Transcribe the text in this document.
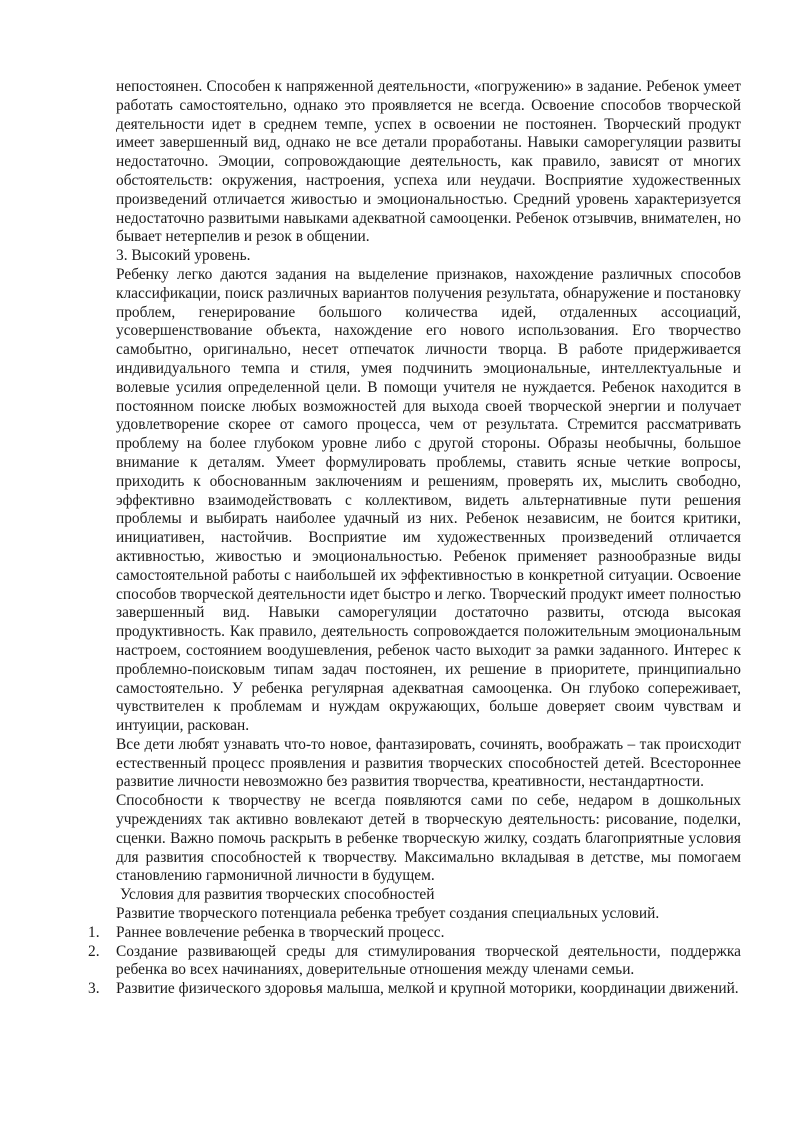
непостоянен. Способен к напряженной деятельности, «погружению» в задание. Ребенок умеет работать самостоятельно, однако это проявляется не всегда. Освоение способов творческой деятельности идет в среднем темпе, успех в освоении не постоянен. Творческий продукт имеет завершенный вид, однако не все детали проработаны. Навыки саморегуляции развиты недостаточно. Эмоции, сопровождающие деятельность, как правило, зависят от многих обстоятельств: окружения, настроения, успеха или неудачи. Восприятие художественных произведений отличается живостью и эмоциональностью. Средний уровень характеризуется недостаточно развитыми навыками адекватной самооценки. Ребенок отзывчив, внимателен, но бывает нетерпелив и резок в общении.

3. Высокий уровень.

Ребенку легко даются задания на выделение признаков, нахождение различных способов классификации, поиск различных вариантов получения результата, обнаружение и постановку проблем, генерирование большого количества идей, отдаленных ассоциаций, усовершенствование объекта, нахождение его нового использования. Его творчество самобытно, оригинально, несет отпечаток личности творца. В работе придерживается индивидуального темпа и стиля, умея подчинить эмоциональные, интеллектуальные и волевые усилия определенной цели. В помощи учителя не нуждается. Ребенок находится в постоянном поиске любых возможностей для выхода своей творческой энергии и получает удовлетворение скорее от самого процесса, чем от результата. Стремится рассматривать проблему на более глубоком уровне либо с другой стороны. Образы необычны, большое внимание к деталям. Умеет формулировать проблемы, ставить ясные четкие вопросы, приходить к обоснованным заключениям и решениям, проверять их, мыслить свободно, эффективно взаимодействовать с коллективом, видеть альтернативные пути решения проблемы и выбирать наиболее удачный из них. Ребенок независим, не боится критики, инициативен, настойчив. Восприятие им художественных произведений отличается активностью, живостью и эмоциональностью. Ребенок применяет разнообразные виды самостоятельной работы с наибольшей их эффективностью в конкретной ситуации. Освоение способов творческой деятельности идет быстро и легко. Творческий продукт имеет полностью завершенный вид. Навыки саморегуляции достаточно развиты, отсюда высокая продуктивность. Как правило, деятельность сопровождается положительным эмоциональным настроем, состоянием воодушевления, ребенок часто выходит за рамки заданного. Интерес к проблемно-поисковым типам задач постоянен, их решение в приоритете, принципиально самостоятельно. У ребенка регулярная адекватная самооценка. Он глубоко сопереживает, чувствителен к проблемам и нуждам окружающих, больше доверяет своим чувствам и интуиции, раскован.

Все дети любят узнавать что-то новое, фантазировать, сочинять, воображать – так происходит естественный процесс проявления и развития творческих способностей детей. Всестороннее развитие личности невозможно без развития творчества, креативности, нестандартности.

Способности к творчеству не всегда появляются сами по себе, недаром в дошкольных учреждениях так активно вовлекают детей в творческую деятельность: рисование, поделки, сценки. Важно помочь раскрыть в ребенке творческую жилку, создать благоприятные условия для развития способностей к творчеству. Максимально вкладывая в детстве, мы помогаем становлению гармоничной личности в будущем.

Условия для развития творческих способностей

Развитие творческого потенциала ребенка требует создания специальных условий.

1. Раннее вовлечение ребенка в творческий процесс.
2. Создание развивающей среды для стимулирования творческой деятельности, поддержка ребенка во всех начинаниях, доверительные отношения между членами семьи.
3. Развитие физического здоровья малыша, мелкой и крупной моторики, координации движений.
